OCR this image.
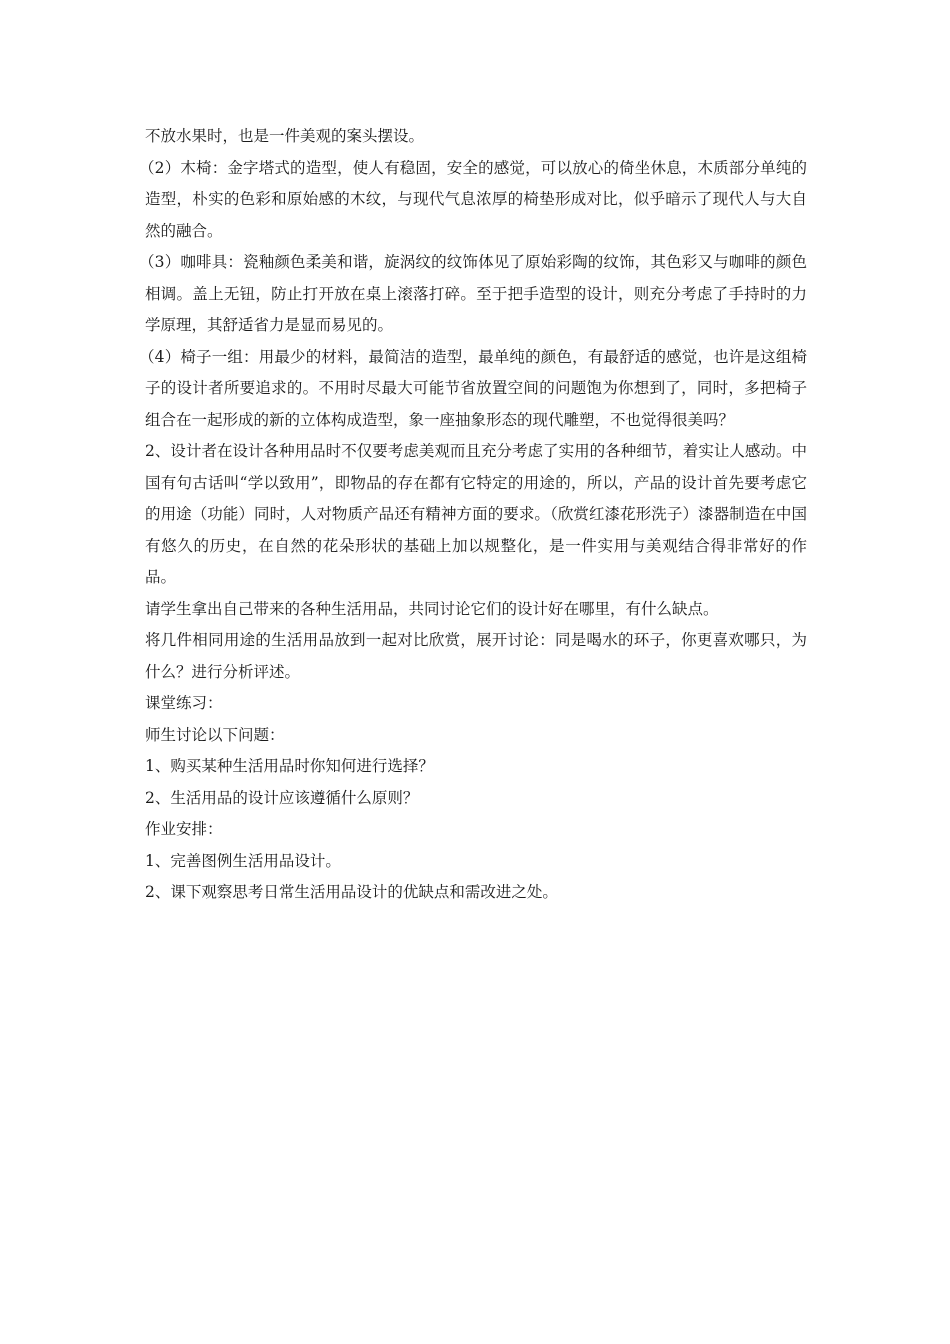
不放水果时，也是一件美观的案头摆设。

（2）木椅：金字塔式的造型，使人有稳固，安全的感觉，可以放心的倚坐休息，木质部分单纯的造型，朴实的色彩和原始感的木纹，与现代气息浓厚的椅垫形成对比，似乎暗示了现代人与大自然的融合。

（3）咖啡具：瓷釉颜色柔美和谐，旋涡纹的纹饰体见了原始彩陶的纹饰，其色彩又与咖啡的颜色相调。盖上无钮，防止打开放在桌上滚落打碎。至于把手造型的设计，则充分考虑了手持时的力学原理，其舒适省力是显而易见的。

（4）椅子一组：用最少的材料，最简洁的造型，最单纯的颜色，有最舒适的感觉，也许是这组椅子的设计者所要追求的。不用时尽最大可能节省放置空间的问题饱为你想到了，同时，多把椅子组合在一起形成的新的立体构成造型，象一座抽象形态的现代雕塑，不也觉得很美吗？

2、设计者在设计各种用品时不仅要考虑美观而且充分考虑了实用的各种细节，着实让人感动。中国有句古话叫“学以致用”，即物品的存在都有它特定的用途的，所以，产品的设计首先要考虑它的用途（功能）同时，人对物质产品还有精神方面的要求。（欣赏红漆花形洗子）漆器制造在中国有悠久的历史，在自然的花朵形状的基础上加以规整化，是一件实用与美观结合得非常好的作品。

请学生拿出自己带来的各种生活用品，共同讨论它们的设计好在哪里，有什么缺点。

将几件相同用途的生活用品放到一起对比欣赏，展开讨论：同是喝水的环子，你更喜欢哪只，为什么？进行分析评述。

课堂练习：

师生讨论以下问题：

1、购买某种生活用品时你知何进行选择？

2、生活用品的设计应该遵循什么原则？

作业安排：

1、完善图例生活用品设计。

2、课下观察思考日常生活用品设计的优缺点和需改进之处。
